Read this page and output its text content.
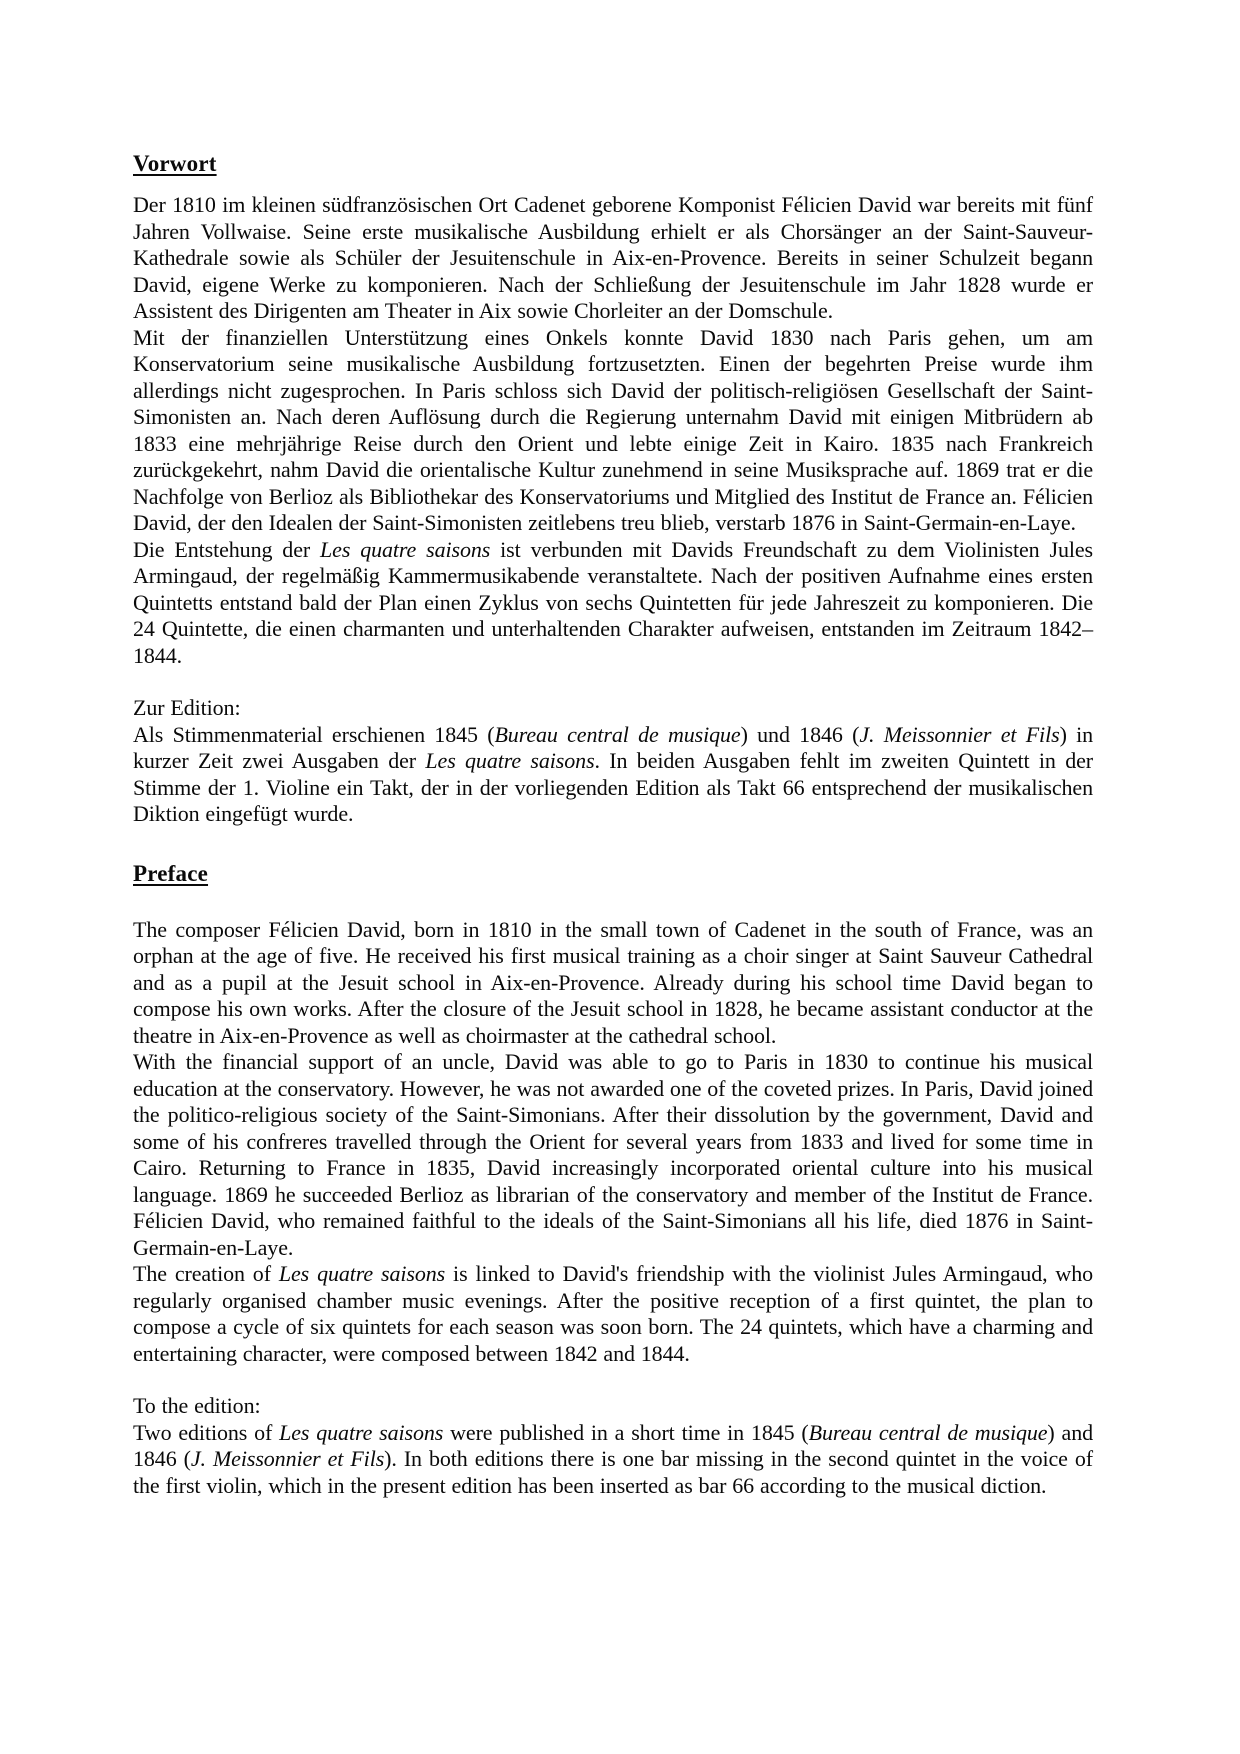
Vorwort

Der 1810 im kleinen südfranzösischen Ort Cadenet geborene Komponist Félicien David war bereits mit fünf Jahren Vollwaise. Seine erste musikalische Ausbildung erhielt er als Chorsänger an der Saint-Sauveur-Kathedrale sowie als Schüler der Jesuitenschule in Aix-en-Provence. Bereits in seiner Schulzeit begann David, eigene Werke zu komponieren. Nach der Schließung der Jesuitenschule im Jahr 1828 wurde er Assistent des Dirigenten am Theater in Aix sowie Chorleiter an der Domschule.

Mit der finanziellen Unterstützung eines Onkels konnte David 1830 nach Paris gehen, um am Konservatorium seine musikalische Ausbildung fortzusetzten. Einen der begehrten Preise wurde ihm allerdings nicht zugesprochen. In Paris schloss sich David der politisch-religiösen Gesellschaft der Saint-Simonisten an. Nach deren Auflösung durch die Regierung unternahm David mit einigen Mitbrüdern ab 1833 eine mehrjährige Reise durch den Orient und lebte einige Zeit in Kairo. 1835 nach Frankreich zurückgekehrt, nahm David die orientalische Kultur zunehmend in seine Musiksprache auf. 1869 trat er die Nachfolge von Berlioz als Bibliothekar des Konservatoriums und Mitglied des Institut de France an. Félicien David, der den Idealen der Saint-Simonisten zeitlebens treu blieb, verstarb 1876 in Saint-Germain-en-Laye.

Die Entstehung der Les quatre saisons ist verbunden mit Davids Freundschaft zu dem Violinisten Jules Armingaud, der regelmäßig Kammermusikabende veranstaltete. Nach der positiven Aufnahme eines ersten Quintetts entstand bald der Plan einen Zyklus von sechs Quintetten für jede Jahreszeit zu komponieren. Die 24 Quintette, die einen charmanten und unterhaltenden Charakter aufweisen, entstanden im Zeitraum 1842–1844.

Zur Edition:

Als Stimmenmaterial erschienen 1845 (Bureau central de musique) und 1846 (J. Meissonnier et Fils) in kurzer Zeit zwei Ausgaben der Les quatre saisons. In beiden Ausgaben fehlt im zweiten Quintett in der Stimme der 1. Violine ein Takt, der in der vorliegenden Edition als Takt 66 entsprechend der musikalischen Diktion eingefügt wurde.

Preface

The composer Félicien David, born in 1810 in the small town of Cadenet in the south of France, was an orphan at the age of five. He received his first musical training as a choir singer at Saint Sauveur Cathedral and as a pupil at the Jesuit school in Aix-en-Provence. Already during his school time David began to compose his own works. After the closure of the Jesuit school in 1828, he became assistant conductor at the theatre in Aix-en-Provence as well as choirmaster at the cathedral school.

With the financial support of an uncle, David was able to go to Paris in 1830 to continue his musical education at the conservatory. However, he was not awarded one of the coveted prizes. In Paris, David joined the politico-religious society of the Saint-Simonians. After their dissolution by the government, David and some of his confreres travelled through the Orient for several years from 1833 and lived for some time in Cairo. Returning to France in 1835, David increasingly incorporated oriental culture into his musical language. 1869 he succeeded Berlioz as librarian of the conservatory and member of the Institut de France. Félicien David, who remained faithful to the ideals of the Saint-Simonians all his life, died 1876 in Saint-Germain-en-Laye.

The creation of Les quatre saisons is linked to David's friendship with the violinist Jules Armingaud, who regularly organised chamber music evenings. After the positive reception of a first quintet, the plan to compose a cycle of six quintets for each season was soon born. The 24 quintets, which have a charming and entertaining character, were composed between 1842 and 1844.

To the edition:

Two editions of Les quatre saisons were published in a short time in 1845 (Bureau central de musique) and 1846 (J. Meissonnier et Fils). In both editions there is one bar missing in the second quintet in the voice of the first violin, which in the present edition has been inserted as bar 66 according to the musical diction.
